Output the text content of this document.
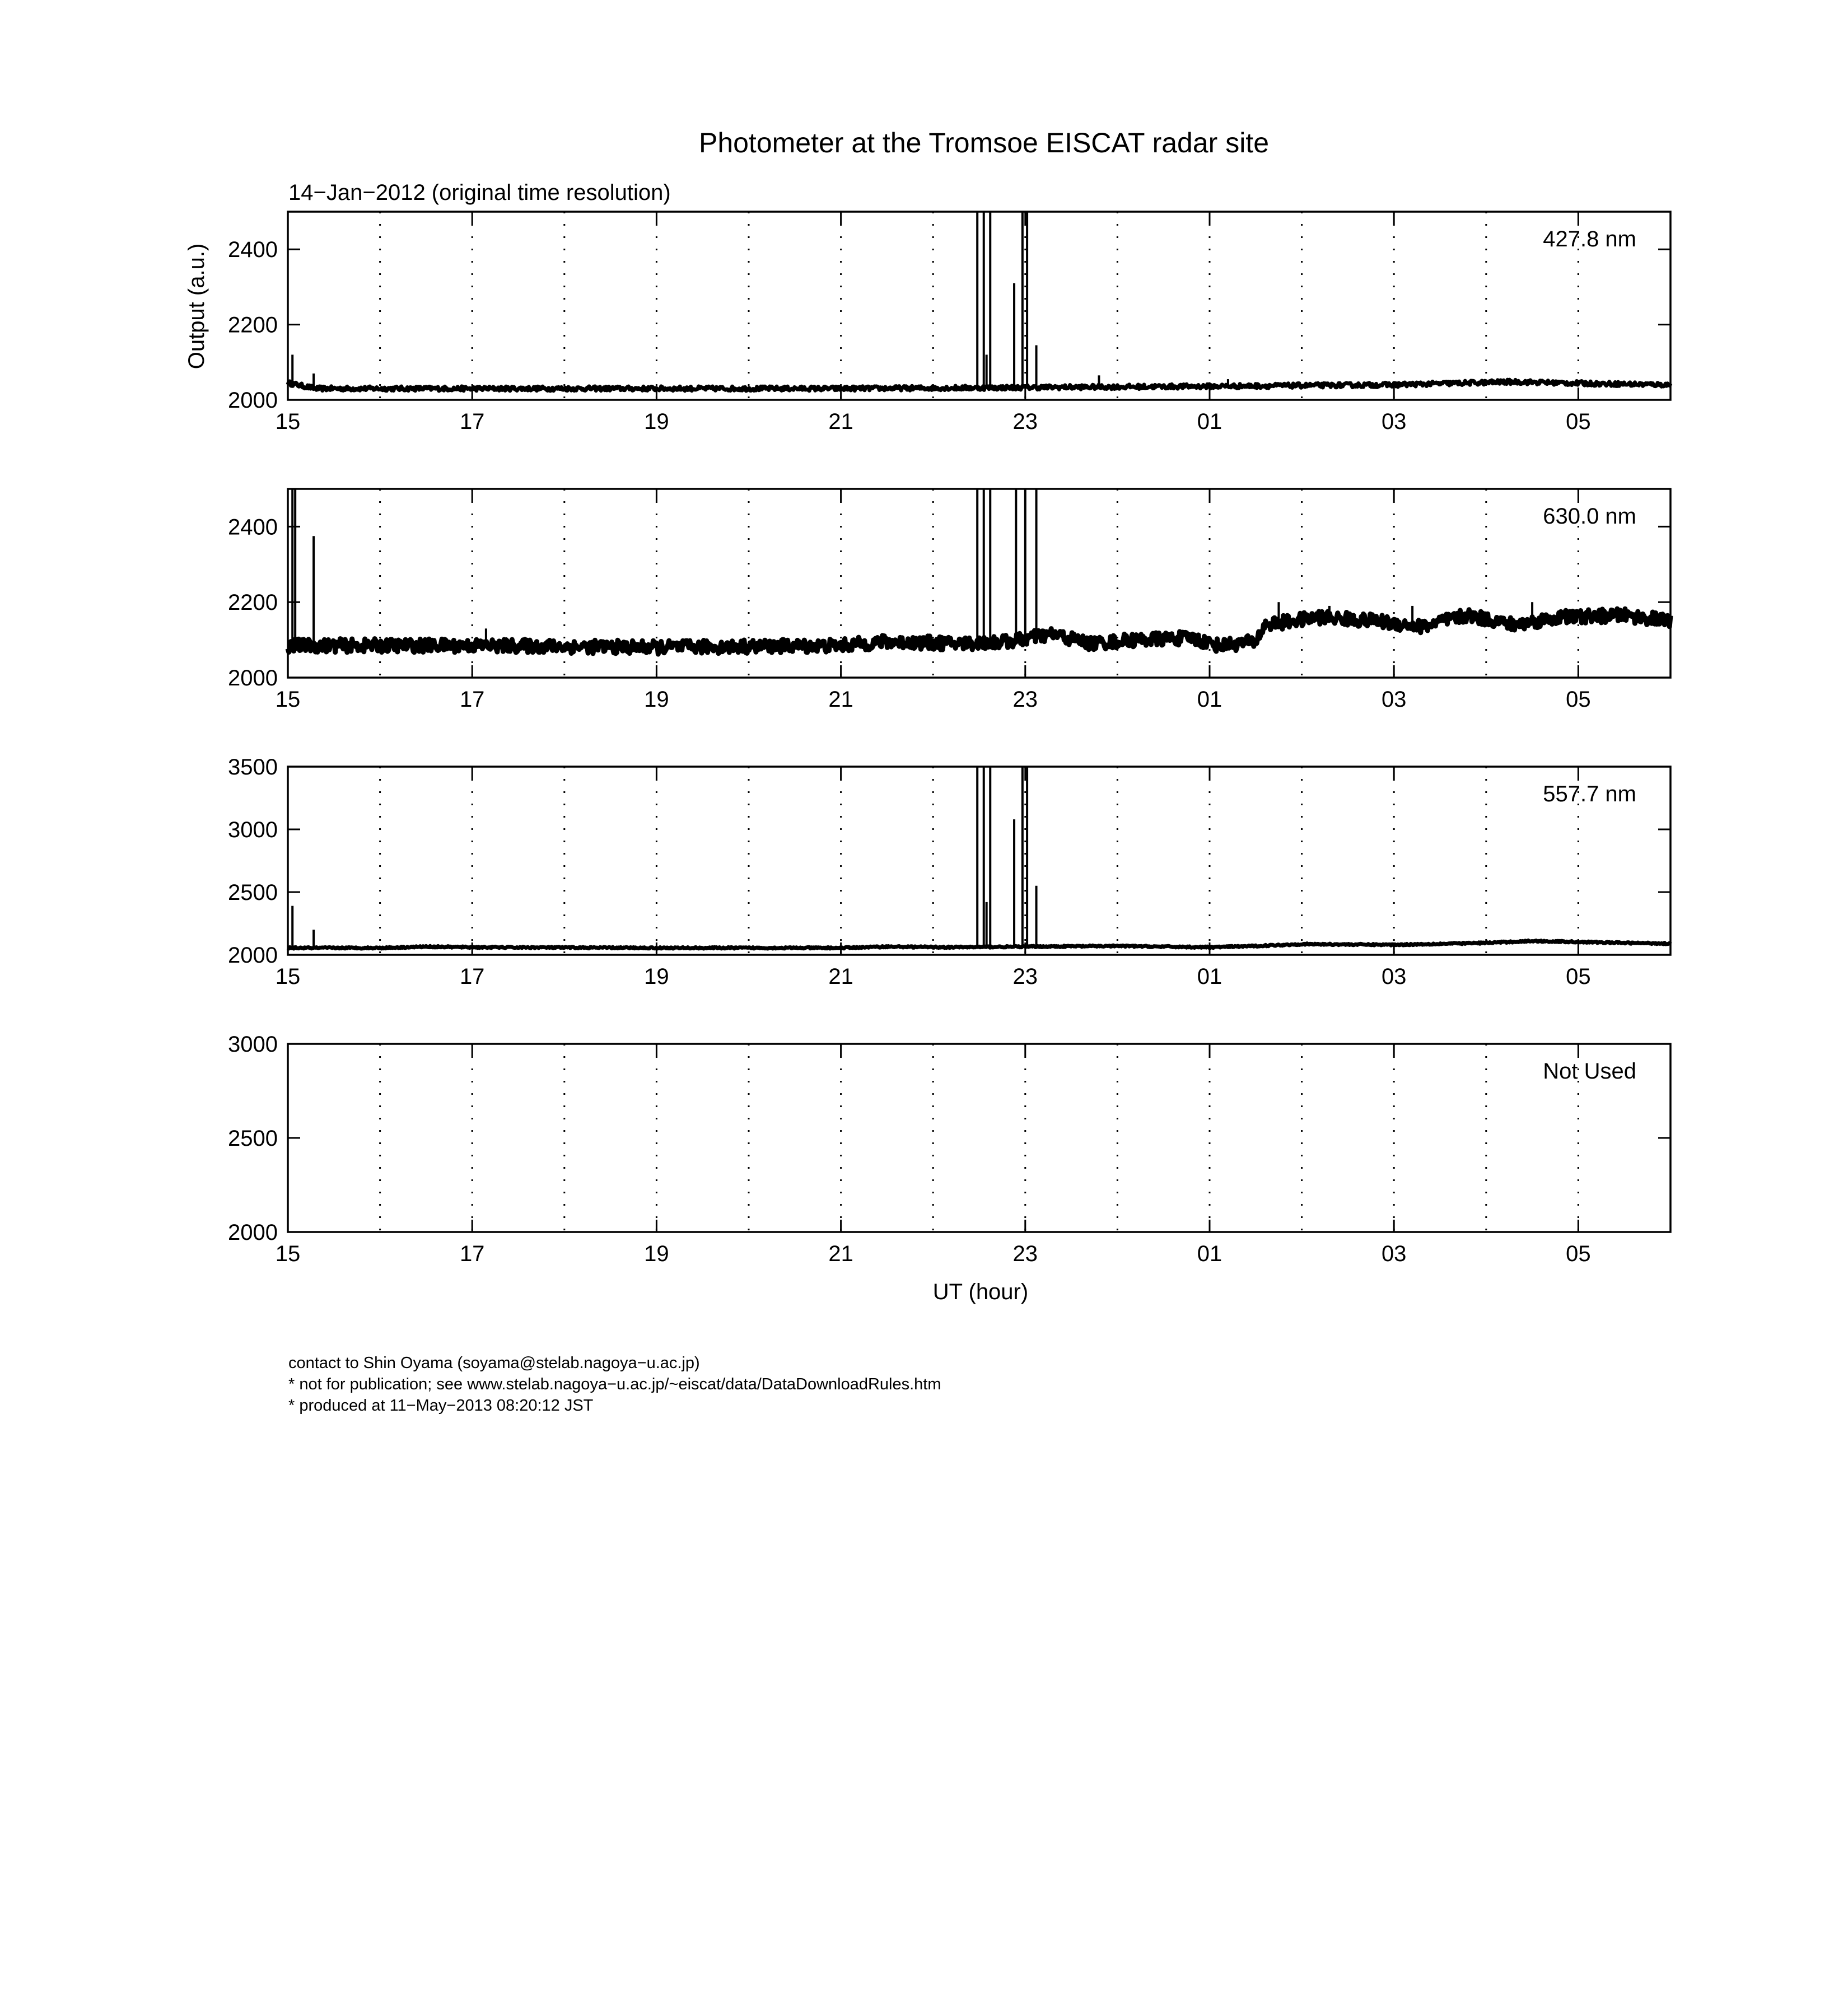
Photometer at the Tromsoe EISCAT radar site
14−Jan−2012 (original time resolution)
Output (a.u.)
UT (hour)
15	17	19	21	23	01	03	05
2000
2200
2400	427.8 nm
15	17	19	21	23	01	03	05
2000
2200
2400	630.0 nm
15	17	19	21	23	01	03	05
2000
2500
3000
3500
557.7 nm
15	17	19	21	23	01	03	05
2000
2500
3000
Not Used
contact to Shin Oyama (soyama@stelab.nagoya−u.ac.jp)
* not for publication; see www.stelab.nagoya−u.ac.jp/~eiscat/data/DataDownloadRules.htm
* produced at 11−May−2013 08:20:12 JST
